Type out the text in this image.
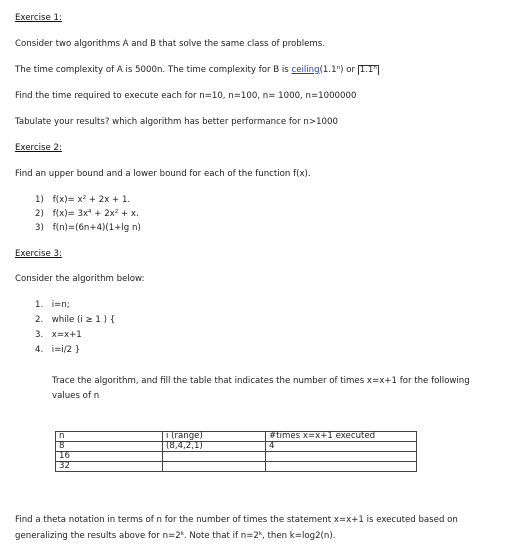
Exercise 1:
Consider two algorithms A and B that solve the same class of problems.
The time complexity of A is 5000n. The time complexity for B is ceiling(1.1$^n$) or 1.1$^n$
Find the time required to execute each for n=10, n=100, n= 1000, n=1000000
Tabulate your results? which algorithm has better performance for n>1000
Exercise 2:
Find an upper bound and a lower bound for each of the function f(x).
1) $f(x)= x^2 + 2x + 1$.
2) $f(x)= 3x^4 + 2x^2 + x$.
3) f(n)=(6n+4)(1+lg n)
Exercise 3:
Consider the algorithm below:
1. i=n;
2. while (i ≥ 1 ) {
3. x=x+1
4. i=i/2 }
Trace the algorithm, and fill the table that indicates the number of times x=x+1 for the following
values of n
n	i (range)	#times x=x+1 executed
8	(8,4,2,1)	4
16		
32		
Find a theta notation in terms of n for the number of times the statement x=x+1 is executed based on
generalizing the results above for $n=2^k$. Note that if $n=2^k$, then k=log2(n).
